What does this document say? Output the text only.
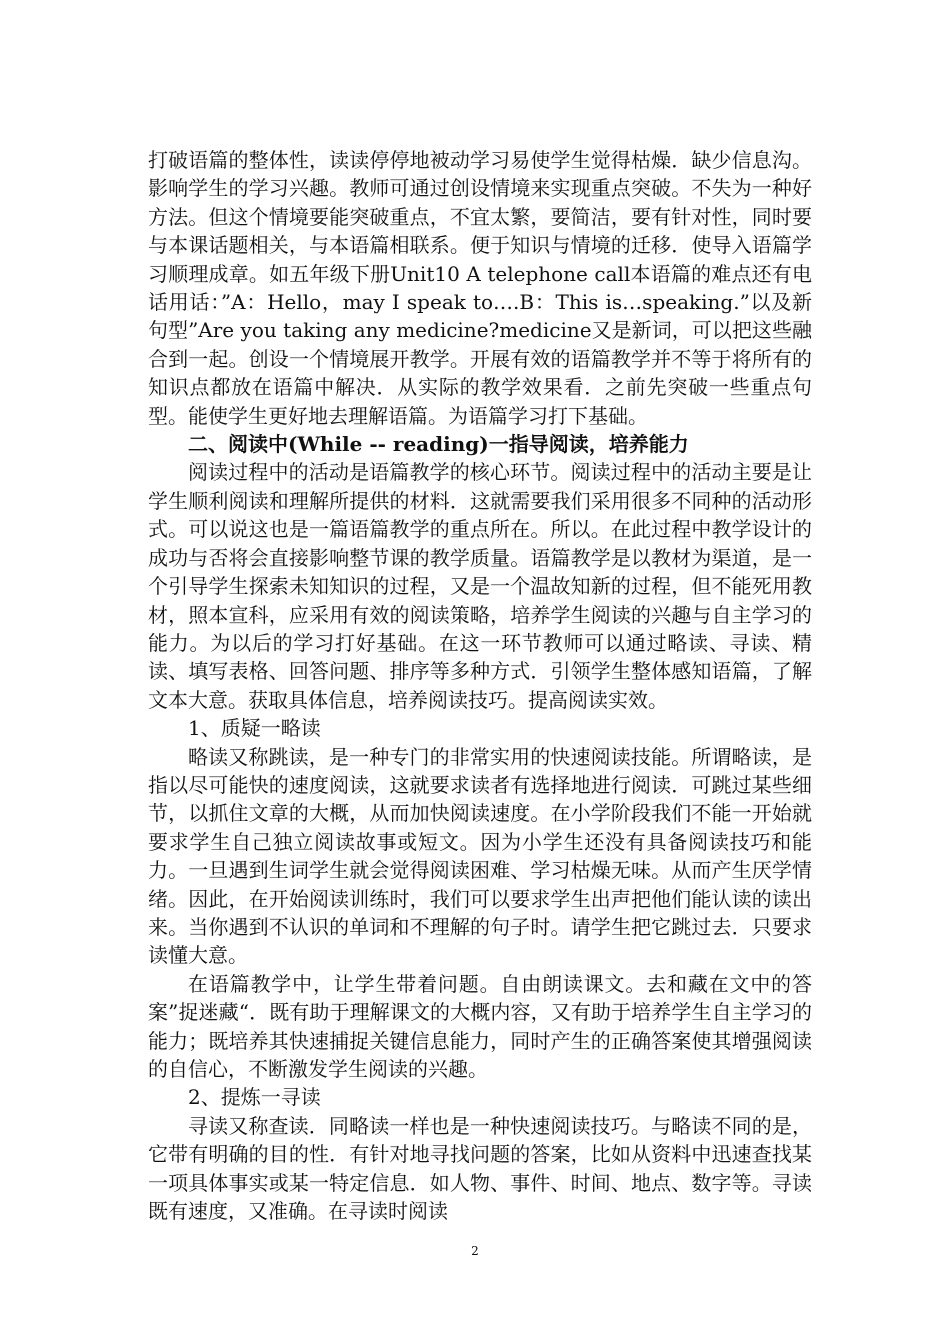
打破语篇的整体性，读读停停地被动学习易使学生觉得枯燥．缺少信息沟。影响学生的学习兴趣。教师可通过创设情境来实现重点突破。不失为一种好方法。但这个情境要能突破重点，不宜太繁，要简洁，要有针对性，同时要与本课话题相关，与本语篇相联系。便于知识与情境的迁移．使导入语篇学习顺理成章。如五年级下册Unit10 A telephone call本语篇的难点还有电话用话：”A：Hello，may I speak to….B：This is…speaking.”以及新句型”Are you taking any medicine?medicine又是新词，可以把这些融合到一起。创设一个情境展开教学。开展有效的语篇教学并不等于将所有的知识点都放在语篇中解决．从实际的教学效果看．之前先突破一些重点句型。能使学生更好地去理解语篇。为语篇学习打下基础。

二、阅读中(While -- reading)一指导阅读，培养能力

阅读过程中的活动是语篇教学的核心环节。阅读过程中的活动主要是让学生顺利阅读和理解所提供的材料．这就需要我们采用很多不同种的活动形式。可以说这也是一篇语篇教学的重点所在。所以。在此过程中教学设计的成功与否将会直接影响整节课的教学质量。语篇教学是以教材为渠道，是一个引导学生探索未知知识的过程，又是一个温故知新的过程，但不能死用教材，照本宣科，应采用有效的阅读策略，培养学生阅读的兴趣与自主学习的能力。为以后的学习打好基础。在这一环节教师可以通过略读、寻读、精读、填写表格、回答问题、排序等多种方式．引领学生整体感知语篇，了解文本大意。获取具体信息，培养阅读技巧。提高阅读实效。

1、质疑一略读

略读又称跳读，是一种专门的非常实用的快速阅读技能。所谓略读，是指以尽可能快的速度阅读，这就要求读者有选择地进行阅读．可跳过某些细节，以抓住文章的大概，从而加快阅读速度。在小学阶段我们不能一开始就要求学生自己独立阅读故事或短文。因为小学生还没有具备阅读技巧和能力。一旦遇到生词学生就会觉得阅读困难、学习枯燥无味。从而产生厌学情绪。因此，在开始阅读训练时，我们可以要求学生出声把他们能认读的读出来。当你遇到不认识的单词和不理解的句子时。请学生把它跳过去．只要求读懂大意。

在语篇教学中，让学生带着问题。自由朗读课文。去和藏在文中的答案”捉迷藏“．既有助于理解课文的大概内容，又有助于培养学生自主学习的能力；既培养其快速捕捉关键信息能力，同时产生的正确答案使其增强阅读的自信心，不断激发学生阅读的兴趣。

2、提炼一寻读

寻读又称查读．同略读一样也是一种快速阅读技巧。与略读不同的是，它带有明确的目的性．有针对地寻找问题的答案，比如从资料中迅速查找某一项具体事实或某一特定信息．如人物、事件、时间、地点、数字等。寻读既有速度，又准确。在寻读时阅读

2
